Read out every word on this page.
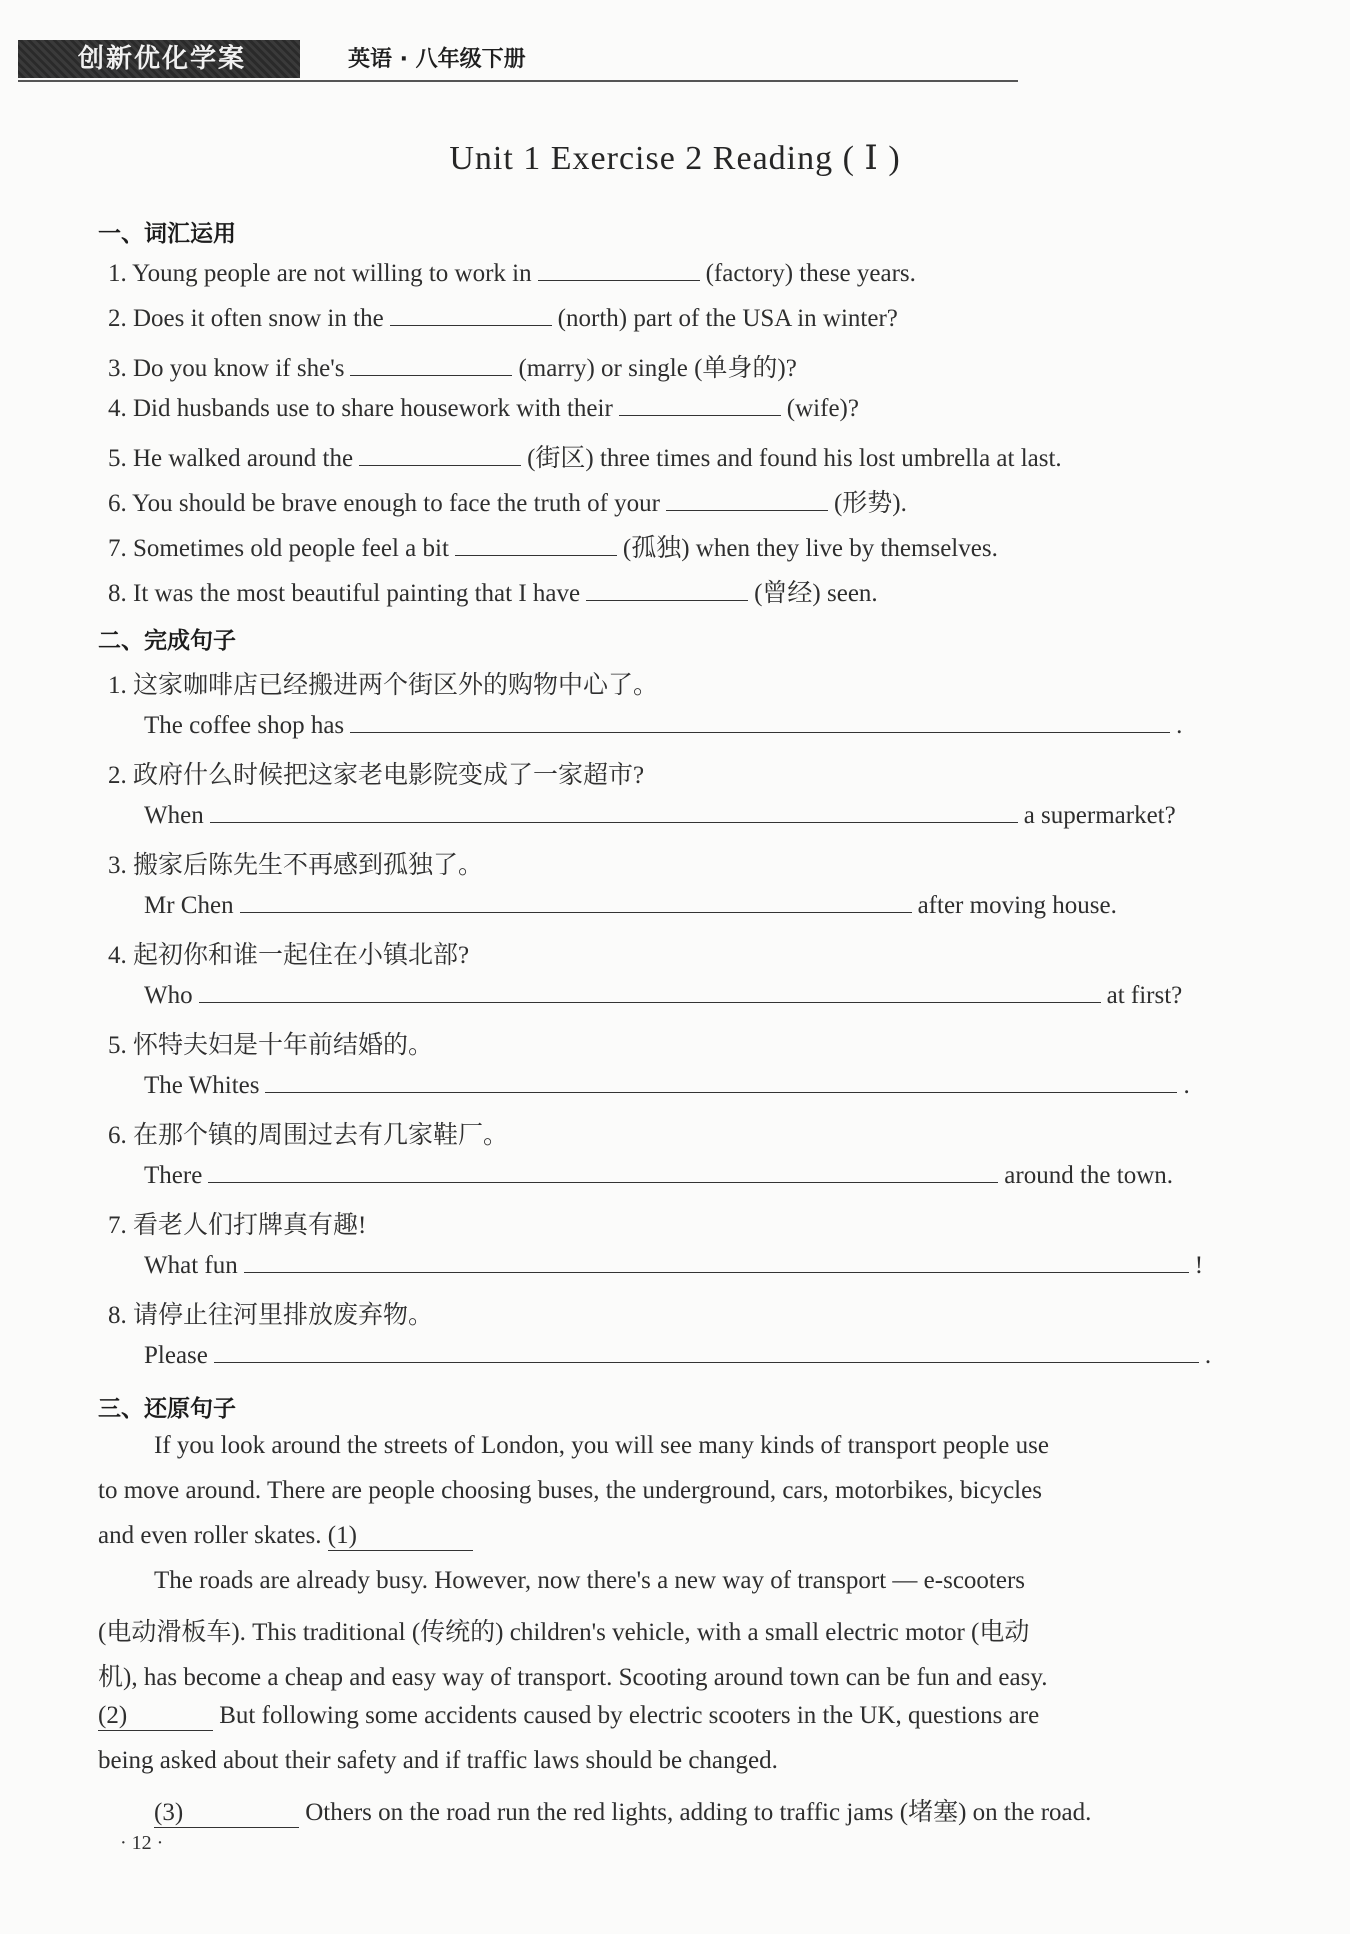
创新优化学案	英语 · 八年级下册
Unit 1 Exercise 2 Reading ( Ⅰ )
一、词汇运用
1. Young people are not willing to work in	(factory) these years.
2. Does it often snow in the	(north) part of the USA in winter?
3. Do you know if she's	(marry) or single (单身的)?
4. Did husbands use to share housework with their	(wife)?
5. He walked around the	(街区) three times and found his lost umbrella at last.
6. You should be brave enough to face the truth of your	(形势).
7. Sometimes old people feel a bit	(孤独) when they live by themselves.
8. It was the most beautiful painting that I have	(曾经) seen.
二、完成句子
1. 这家咖啡店已经搬进两个街区外的购物中心了。
The coffee shop has	.
2. 政府什么时候把这家老电影院变成了一家超市?
When	a supermarket?
3. 搬家后陈先生不再感到孤独了。
Mr Chen	after moving house.
4. 起初你和谁一起住在小镇北部?
Who	at first?
5. 怀特夫妇是十年前结婚的。
The Whites	.
6. 在那个镇的周围过去有几家鞋厂。
There	around the town.
7. 看老人们打牌真有趣!
What fun	!
8. 请停止往河里排放废弃物。
Please	.
三、还原句子
If you look around the streets of London, you will see many kinds of transport people use
to move around. There are people choosing buses, the underground, cars, motorbikes, bicycles
and even roller skates. (1)
The roads are already busy. However, now there's a new way of transport — e-scooters
(电动滑板车). This traditional (传统的) children's vehicle, with a small electric motor (电动
机), has become a cheap and easy way of transport. Scooting around town can be fun and easy.
(2)	But following some accidents caused by electric scooters in the UK, questions are
being asked about their safety and if traffic laws should be changed.
(3)	Others on the road run the red lights, adding to traffic jams (堵塞) on the road.
· 12 ·
